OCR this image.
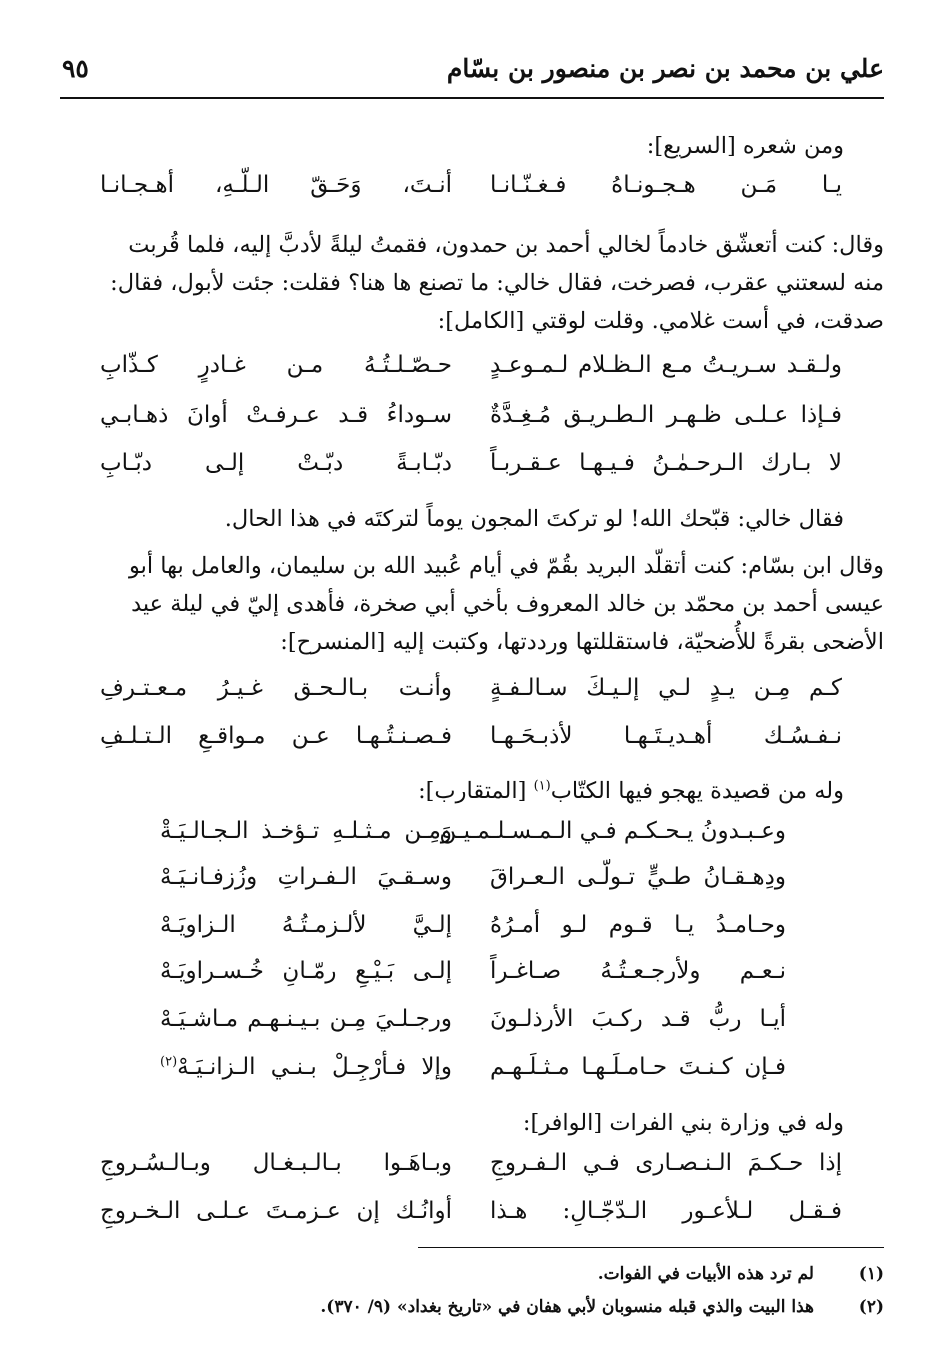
علي بن محمد بن نصر بن منصور بن بسّام
٩٥
ومن شعره [السريع]:
يـا مَـن هـجـونـاهُ فـغـنّـانـا
أنـتَ، وَحَـقّ الـلّـهِ، أهـجـانـا
وقال: كنت أتعشّق خادماً لخالي أحمد بن حمدون، فقمتُ ليلةً لأدبَّ إليه، فلما قُربت
منه لسعتني عقرب، فصرخت، فقال خالي: ما تصنع ها هنا؟ فقلت: جئت لأبول، فقال:
صدقت، في أست غلامي. وقلت لوقتي [الكامل]:
ولـقـد سـريـتُ مـع الـظـلام لـمـوعـدٍ
حـصّـلـتُـهُ مـن غـادرٍ كـذّابِ
فـإذا عـلـى ظـهـر الـطـريـق مُـغِـدَّةٌ
سـوداءُ قـد عـرفـتْ أوانَ ذهـابـي
لا بـارك الـرحـمٰـنُ فـيـهـا عـقـربـاً
دبّـابـةً دبّـتْ إلـى دبّـابِ
فقال خالي: قبّحك الله! لو تركتَ المجون يوماً لتركتَه في هذا الحال.
وقال ابن بسّام: كنت أتقلّد البريد بقُمّ في أيام عُبيد الله بن سليمان، والعامل بها أبو
عيسى أحمد بن محمّد بن خالد المعروف بأخي أبي صخرة، فأهدى إليّ في ليلة عيد
الأضحى بقرةً للأُضحيّة، فاستقللتها ورددتها، وكتبت إليه [المنسرح]:
كـم مِـن يـدٍ لـي إلـيـكَ سـالـفـةٍ
وأنـت بـالـحـق غـيـرُ مـعـتـرفِ
نـفـسُـك أهـديـتَـهـا لأذبـحَـهـا
فـصـنـتُـهـا عـن مـواقـعِ الـتـلـفِ
وله من قصيدة يهجو فيها الكتّاب$^{(١)}$ [المتقارب]:
وعـبـدونُ يـحـكـم فـي الـمـسـلـمـيـنَ
ومِـن مـثـلـهِ تـؤخـذ الـجـالـيَـةْ
ودِهـقـانُ طـيٍّ تـولّـى الـعـراقَ
وسـقـيَ الـفـراتِ وزُزفـانـيَـهْ
وحـامـدُ يـا قـوم لـو أمـرُهُ
إلـيَّ لألـزمـتُـهُ الـزاويَـهْ
نـعـم ولأرجـعـتُـهُ صـاغـراً
إلـى بَـيْـعِ رمّـانِ خُـسـراويَـهْ
أيـا ربُّ قـد ركـبَ الأرذلـونَ
ورجـلـيَ مِـن بـيـنـهـم مـاشـيَـهْ
فـإن كـنـتَ حـامـلَـهـا مـثـلَـهـم
وإلا فـأرْجِـلْ بـنـي الـزانـيَـهْ$^{(٢)}$
وله في وزارة بني الفرات [الوافر]:
إذا حـكـمَ الـنـصـارى فـي الـفـروجِ
وبـاهَـوا بـالـبـغـال وبـالـسُـروجِ
فـقـل لـلأعـور الـدّجّـالِ: هـذا
أوانُـك إن عـزمـتَ عـلـى الـخـروجِ
(١)
لم ترد هذه الأبيات في الفوات.
(٢)
هذا البيت والذي قبله منسوبان لأبي هفان في «تاريخ بغداد» (٩/ ٣٧٠).
